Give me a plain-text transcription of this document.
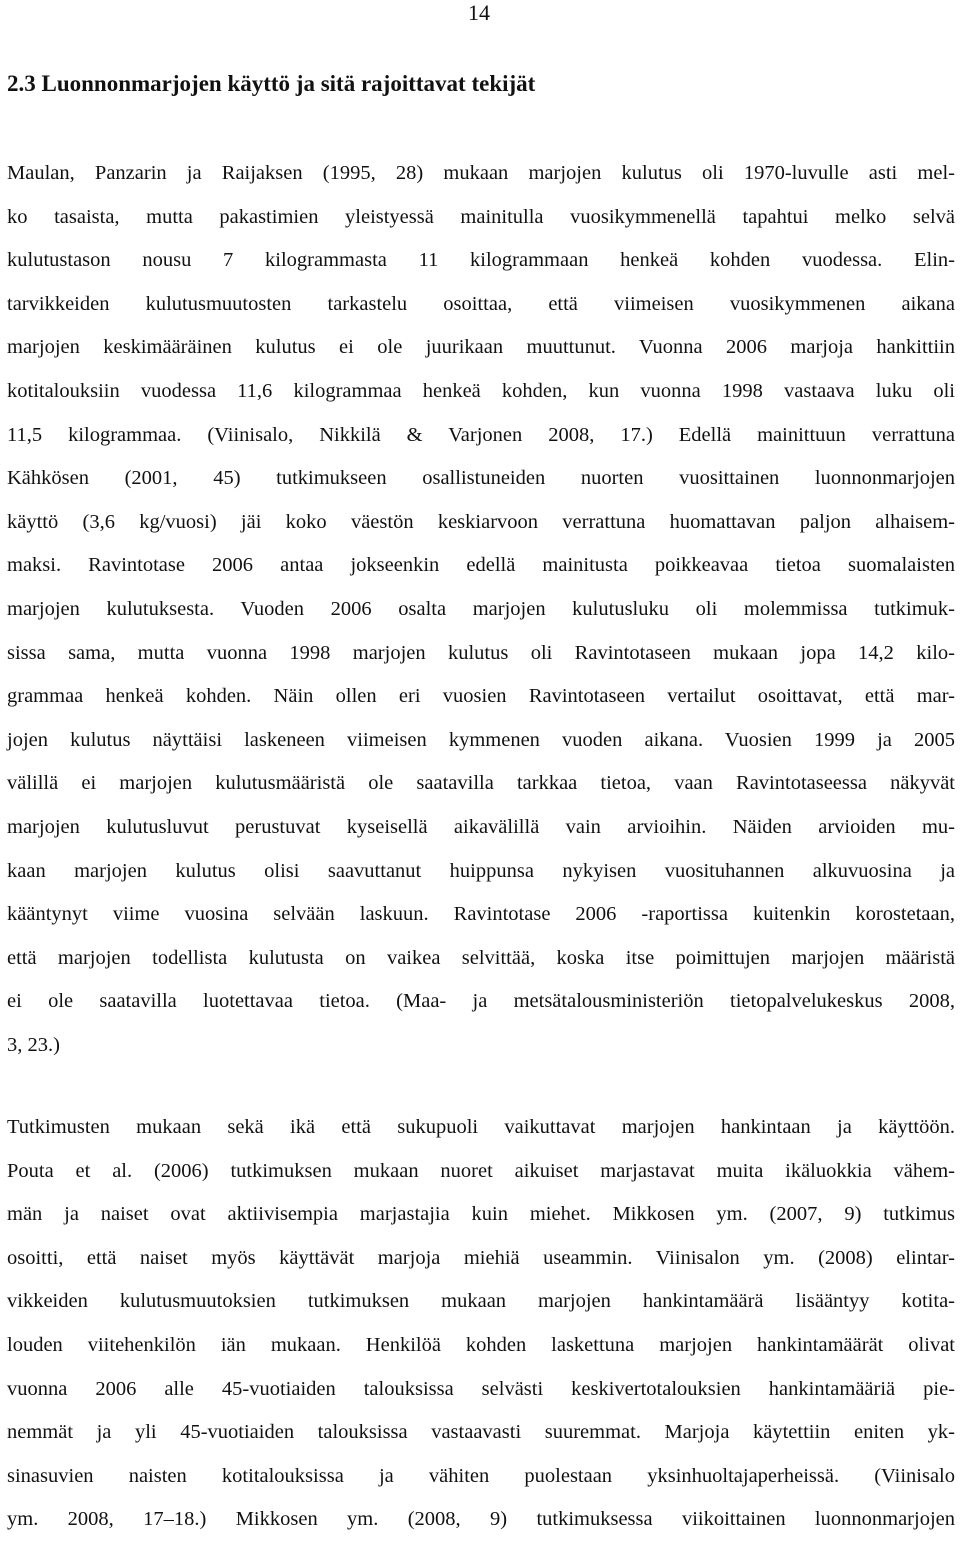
14
2.3 Luonnonmarjojen käyttö ja sitä rajoittavat tekijät
Maulan, Panzarin ja Raijaksen (1995, 28) mukaan marjojen kulutus oli 1970-luvulle asti mel-
ko tasaista, mutta pakastimien yleistyessä mainitulla vuosikymmenellä tapahtui melko selvä
kulutustason nousu 7 kilogrammasta 11 kilogrammaan henkeä kohden vuodessa. Elin-
tarvikkeiden kulutusmuutosten tarkastelu osoittaa, että viimeisen vuosikymmenen aikana
marjojen keskimääräinen kulutus ei ole juurikaan muuttunut. Vuonna 2006 marjoja hankittiin
kotitalouksiin vuodessa 11,6 kilogrammaa henkeä kohden, kun vuonna 1998 vastaava luku oli
11,5 kilogrammaa. (Viinisalo, Nikkilä & Varjonen 2008, 17.) Edellä mainittuun verrattuna
Kähkösen (2001, 45) tutkimukseen osallistuneiden nuorten vuosittainen luonnonmarjojen
käyttö (3,6 kg/vuosi) jäi koko väestön keskiarvoon verrattuna huomattavan paljon alhaisem-
maksi. Ravintotase 2006 antaa jokseenkin edellä mainitusta poikkeavaa tietoa suomalaisten
marjojen kulutuksesta. Vuoden 2006 osalta marjojen kulutusluku oli molemmissa tutkimuk-
sissa sama, mutta vuonna 1998 marjojen kulutus oli Ravintotaseen mukaan jopa 14,2 kilo-
grammaa henkeä kohden. Näin ollen eri vuosien Ravintotaseen vertailut osoittavat, että mar-
jojen kulutus näyttäisi laskeneen viimeisen kymmenen vuoden aikana. Vuosien 1999 ja 2005
välillä ei marjojen kulutusmääristä ole saatavilla tarkkaa tietoa, vaan Ravintotaseessa näkyvät
marjojen kulutusluvut perustuvat kyseisellä aikavälillä vain arvioihin. Näiden arvioiden mu-
kaan marjojen kulutus olisi saavuttanut huippunsa nykyisen vuosituhannen alkuvuosina ja
kääntynyt viime vuosina selvään laskuun. Ravintotase 2006 -raportissa kuitenkin korostetaan,
että marjojen todellista kulutusta on vaikea selvittää, koska itse poimittujen marjojen määristä
ei ole saatavilla luotettavaa tietoa. (Maa- ja metsätalousministeriön tietopalvelukeskus 2008,
3, 23.)
Tutkimusten mukaan sekä ikä että sukupuoli vaikuttavat marjojen hankintaan ja käyttöön.
Pouta et al. (2006) tutkimuksen mukaan nuoret aikuiset marjastavat muita ikäluokkia vähem-
män ja naiset ovat aktiivisempia marjastajia kuin miehet. Mikkosen ym. (2007, 9) tutkimus
osoitti, että naiset myös käyttävät marjoja miehiä useammin. Viinisalon ym. (2008) elintar-
vikkeiden kulutusmuutoksien tutkimuksen mukaan marjojen hankintamäärä lisääntyy kotita-
louden viitehenkilön iän mukaan. Henkilöä kohden laskettuna marjojen hankintamäärät olivat
vuonna 2006 alle 45-vuotiaiden talouksissa selvästi keskivertotalouksien hankintamääriä pie-
nemmät ja yli 45-vuotiaiden talouksissa vastaavasti suuremmat. Marjoja käytettiin eniten yk-
sinasuvien naisten kotitalouksissa ja vähiten puolestaan yksinhuoltajaperheissä. (Viinisalo
ym. 2008, 17–18.) Mikkosen ym. (2008, 9) tutkimuksessa viikoittainen luonnonmarjojen
